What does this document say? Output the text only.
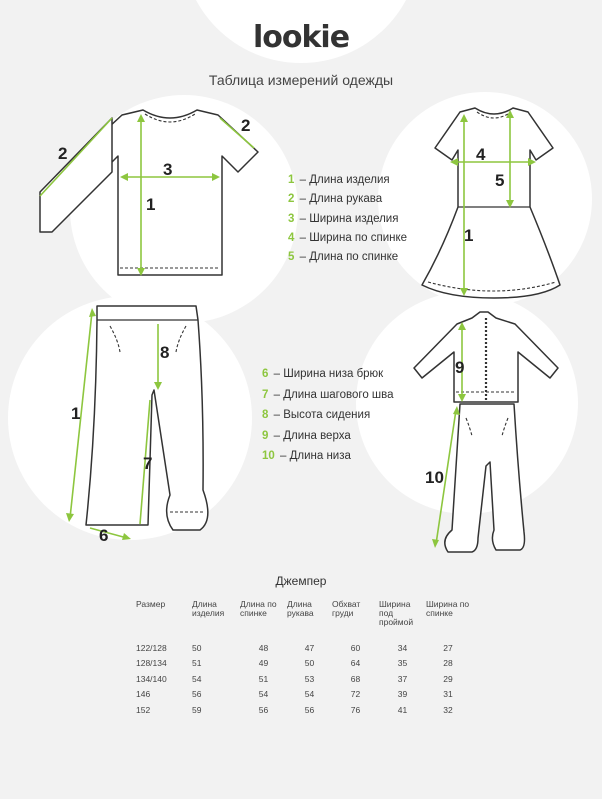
lookie
Таблица измерений одежды
2
2
3
1
4
5
1
8
1
7
6
9
10
1 – Длина изделия
2 – Длина рукава
3 – Ширина изделия
4 – Ширина по спинке
5 – Длина по спинке
6 – Ширина низа брюк
7 – Длина шагового шва
8 – Высота сидения
9 – Длина верха
10 – Длина низа
Джемпер
Размер	Длина изделия	Длина по спинке	Длина рукава	Обхват груди	Ширина под проймой	Ширина по спинке
122/128	50	48	47	60	34	27
128/134	51	49	50	64	35	28
134/140	54	51	53	68	37	29
146	56	54	54	72	39	31
152	59	56	56	76	41	32
